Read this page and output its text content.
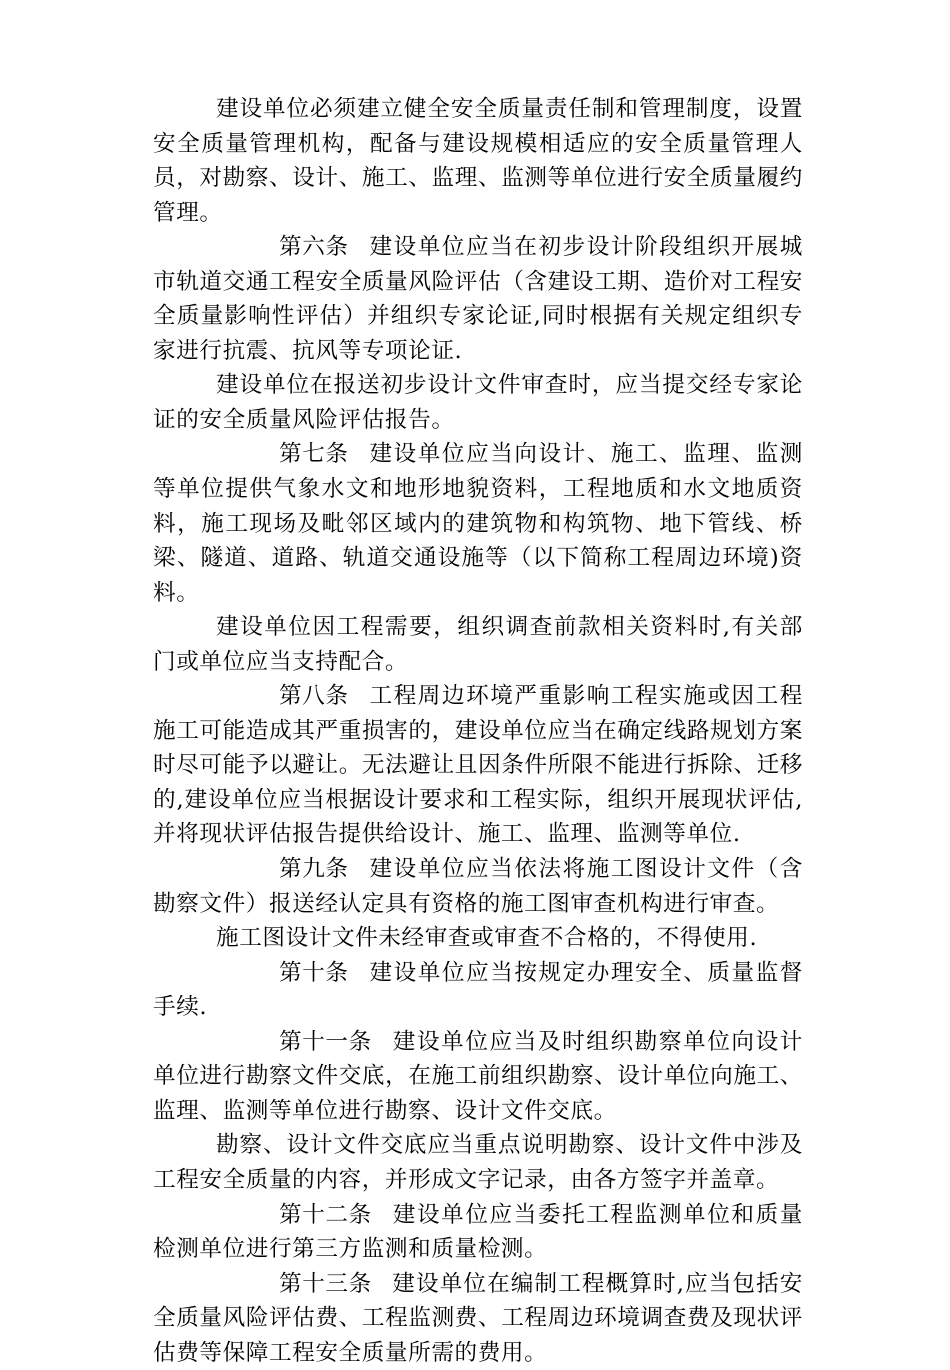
建设单位必须建立健全安全质量责任制和管理制度，设置安全质量管理机构，配备与建设规模相适应的安全质量管理人员，对勘察、设计、施工、监理、监测等单位进行安全质量履约管理。

第六条 建设单位应当在初步设计阶段组织开展城市轨道交通工程安全质量风险评估（含建设工期、造价对工程安全质量影响性评估）并组织专家论证,同时根据有关规定组织专家进行抗震、抗风等专项论证.

建设单位在报送初步设计文件审查时，应当提交经专家论证的安全质量风险评估报告。

第七条 建设单位应当向设计、施工、监理、监测等单位提供气象水文和地形地貌资料，工程地质和水文地质资料，施工现场及毗邻区域内的建筑物和构筑物、地下管线、桥梁、隧道、道路、轨道交通设施等（以下简称工程周边环境)资料。

建设单位因工程需要，组织调查前款相关资料时,有关部门或单位应当支持配合。

第八条 工程周边环境严重影响工程实施或因工程施工可能造成其严重损害的，建设单位应当在确定线路规划方案时尽可能予以避让。无法避让且因条件所限不能进行拆除、迁移的,建设单位应当根据设计要求和工程实际，组织开展现状评估,并将现状评估报告提供给设计、施工、监理、监测等单位.

第九条 建设单位应当依法将施工图设计文件（含勘察文件）报送经认定具有资格的施工图审查机构进行审查。

施工图设计文件未经审查或审查不合格的，不得使用.

第十条 建设单位应当按规定办理安全、质量监督手续.

第十一条 建设单位应当及时组织勘察单位向设计单位进行勘察文件交底，在施工前组织勘察、设计单位向施工、监理、监测等单位进行勘察、设计文件交底。

勘察、设计文件交底应当重点说明勘察、设计文件中涉及工程安全质量的内容，并形成文字记录，由各方签字并盖章。

第十二条 建设单位应当委托工程监测单位和质量检测单位进行第三方监测和质量检测。

第十三条 建设单位在编制工程概算时,应当包括安全质量风险评估费、工程监测费、工程周边环境调查费及现状评估费等保障工程安全质量所需的费用。
